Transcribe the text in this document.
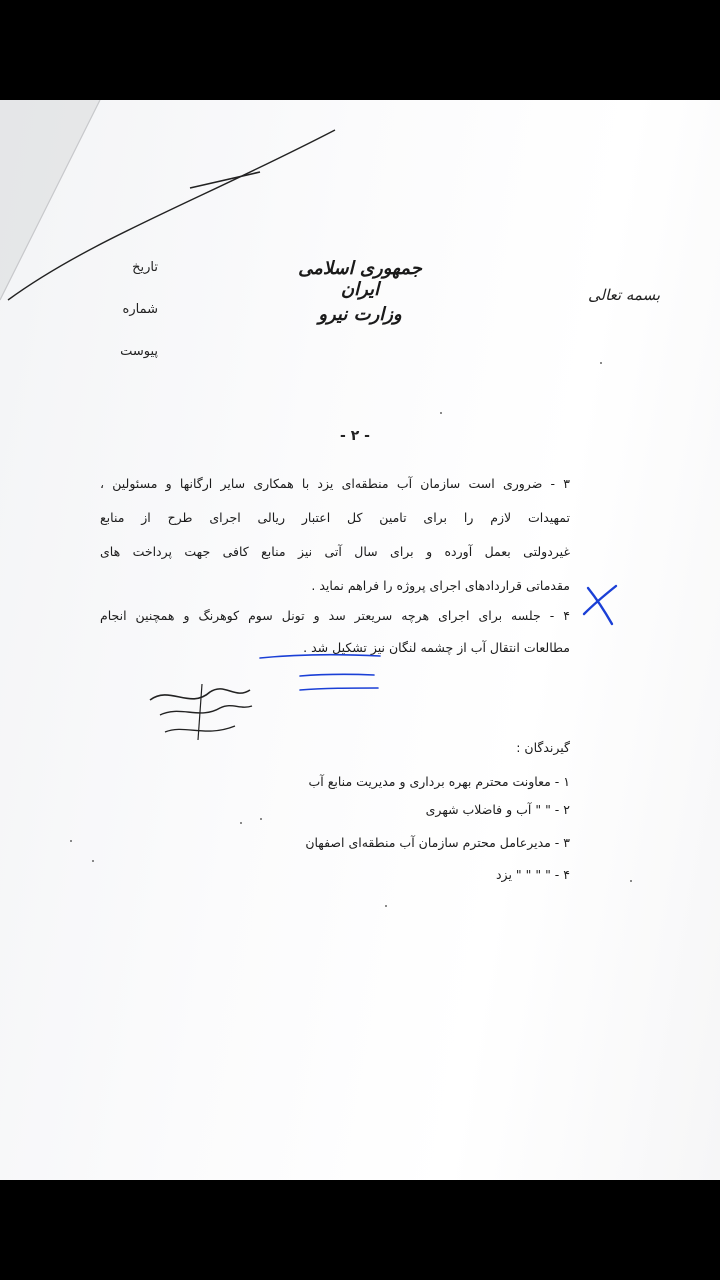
جمهوری اسلامی ایران
وزارت نیرو
تاریخ
شماره
پیوست
بسمه تعالی
- ۲ -
۳ - ضروری است سازمان آب منطقه‌ای یزد با همکاری سایر ارگانها و مسئولین ،
تمهیدات لازم را برای تامین کل اعتبار ریالی اجرای طرح از منابع
غیردولتی بعمل آورده و برای سال آتی نیز منابع کافی جهت پرداخت های
مقدماتی قراردادهای اجرای پروژه را فراهم نماید .
۴ - جلسه برای اجرای هرچه سریعتر سد و تونل سوم کوهرنگ و همچنین انجام
مطالعات انتقال آب از چشمه لنگان نیز تشکیل شد .
گیرندگان :
۱ - معاونت محترم بهره برداری و مدیریت منابع آب
۲ - " " آب و فاضلاب شهری
۳ - مدیرعامل محترم سازمان آب منطقه‌ای اصفهان
۴ - " " " " یزد
